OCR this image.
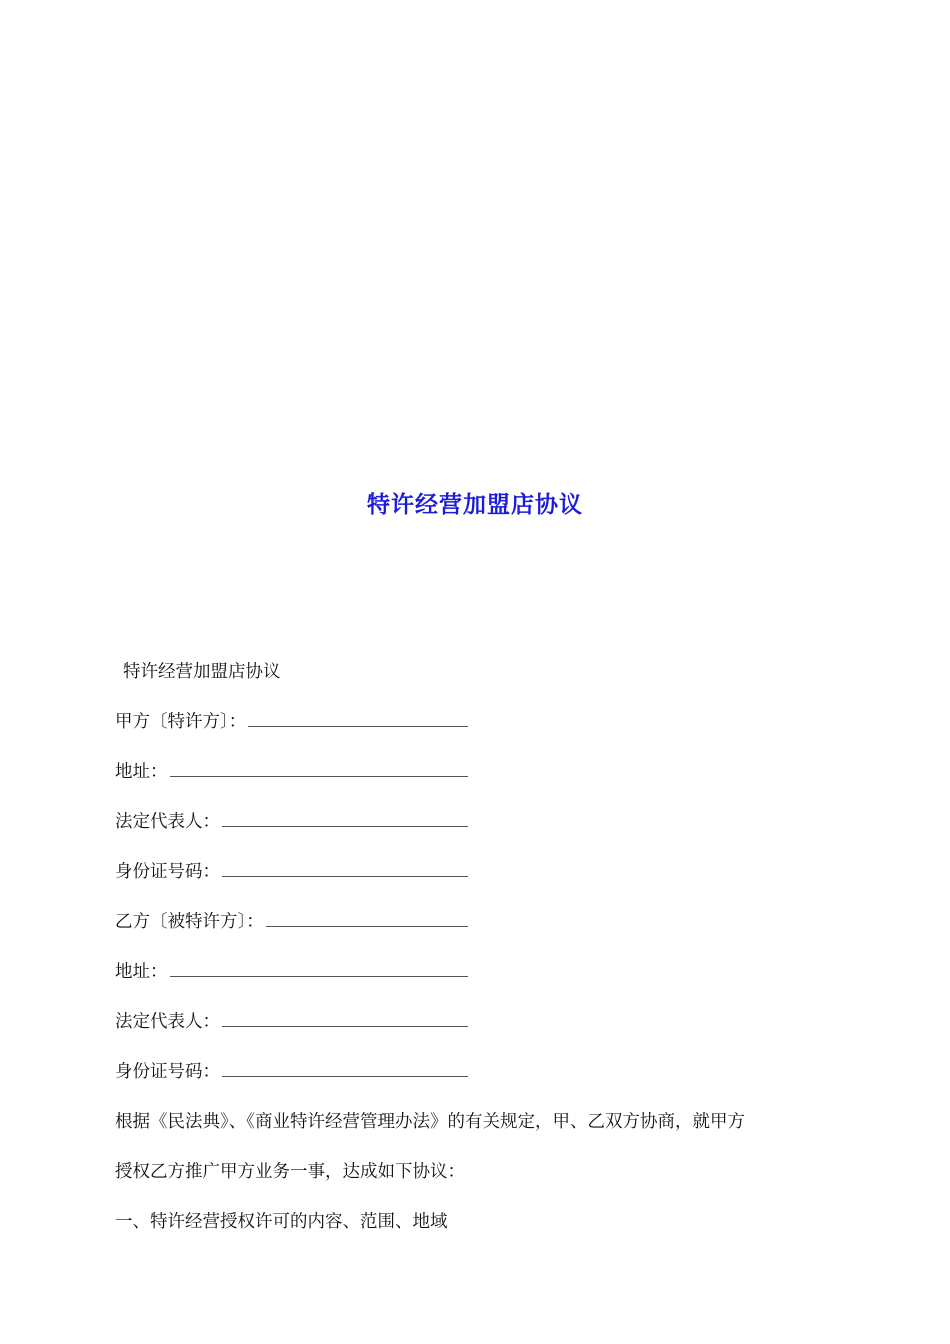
特许经营加盟店协议
特许经营加盟店协议
甲方〔特许方〕：
地址：
法定代表人：
身份证号码：
乙方〔被特许方〕：
地址：
法定代表人：
身份证号码：
根据《民法典》、《商业特许经营管理办法》的有关规定，甲、乙双方协商，就甲方
授权乙方推广甲方业务一事，达成如下协议：
一、特许经营授权许可的内容、范围、地域
